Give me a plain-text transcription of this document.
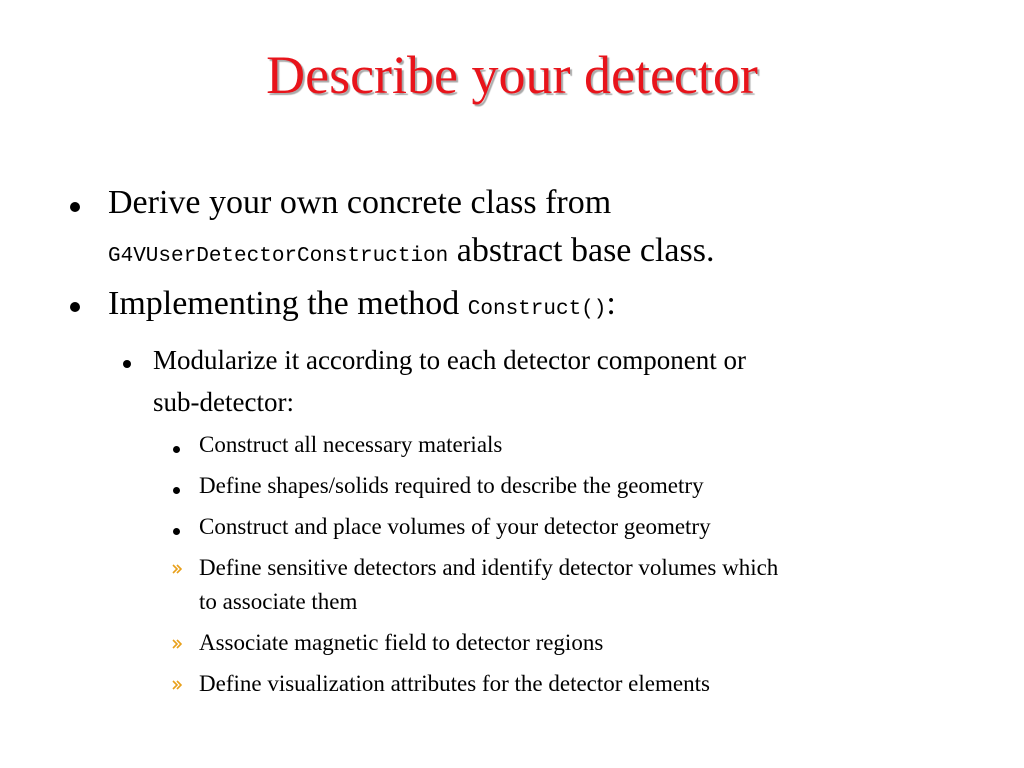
Describe your detector
Derive your own concrete class from
G4VUserDetectorConstruction abstract base class.
Implementing the method Construct():
Modularize it according to each detector component or
sub-detector:
Construct all necessary materials
Define shapes/solids required to describe the geometry
Construct and place volumes of your detector geometry
Define sensitive detectors and identify detector volumes which
to associate them
Associate magnetic field to detector regions
Define visualization attributes for the detector elements
